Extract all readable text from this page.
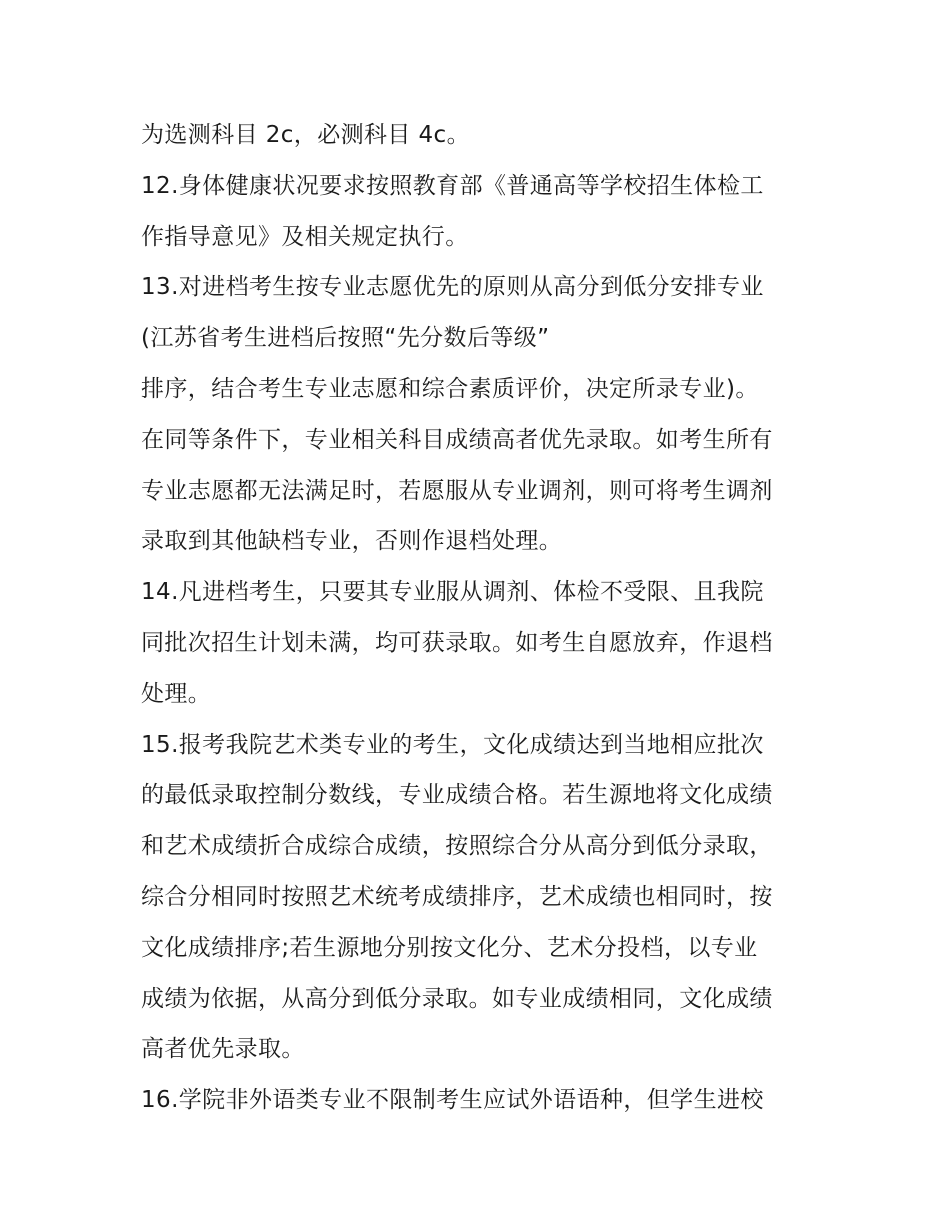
为选测科目 2c，必测科目 4c。
12.身体健康状况要求按照教育部《普通高等学校招生体检工
作指导意见》及相关规定执行。
13.对进档考生按专业志愿优先的原则从高分到低分安排专业
(江苏省考生进档后按照“先分数后等级”
排序，结合考生专业志愿和综合素质评价，决定所录专业)。
在同等条件下，专业相关科目成绩高者优先录取。如考生所有
专业志愿都无法满足时，若愿服从专业调剂，则可将考生调剂
录取到其他缺档专业，否则作退档处理。
14.凡进档考生，只要其专业服从调剂、体检不受限、且我院
同批次招生计划未满，均可获录取。如考生自愿放弃，作退档
处理。
15.报考我院艺术类专业的考生，文化成绩达到当地相应批次
的最低录取控制分数线，专业成绩合格。若生源地将文化成绩
和艺术成绩折合成综合成绩，按照综合分从高分到低分录取，
综合分相同时按照艺术统考成绩排序，艺术成绩也相同时，按
文化成绩排序;若生源地分别按文化分、艺术分投档，以专业
成绩为依据，从高分到低分录取。如专业成绩相同，文化成绩
高者优先录取。
16.学院非外语类专业不限制考生应试外语语种，但学生进校
